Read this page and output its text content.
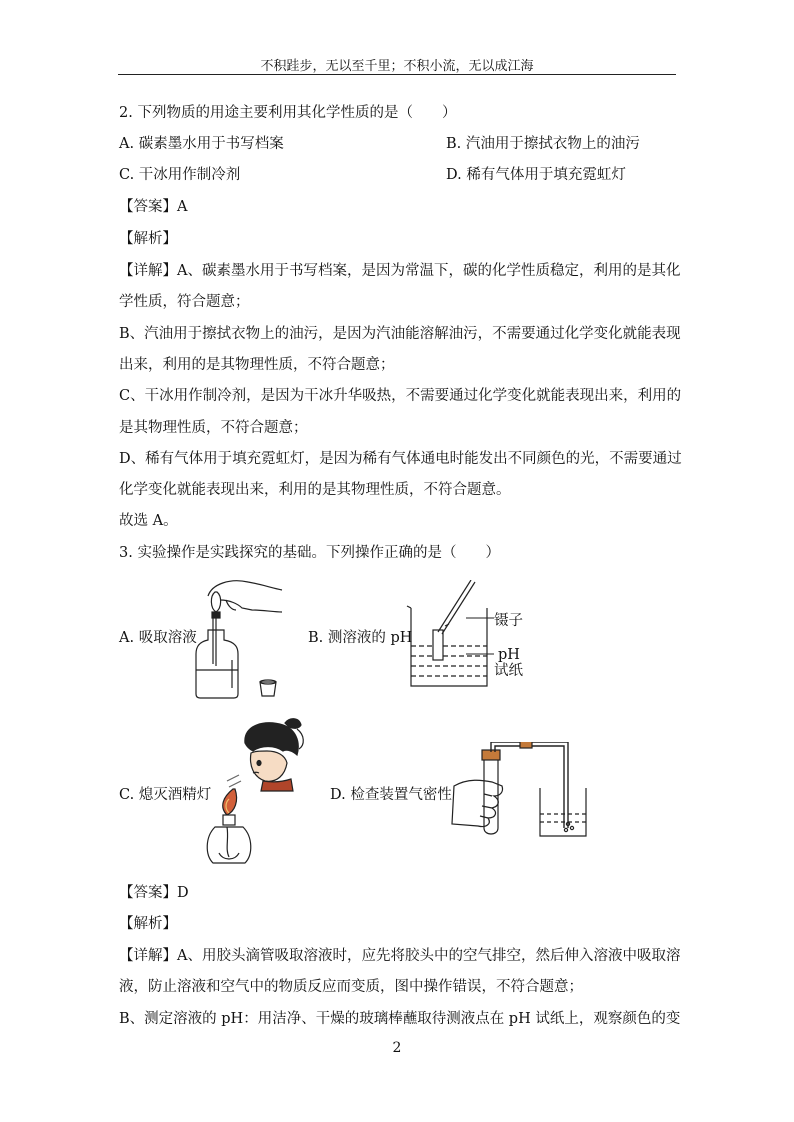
不积跬步，无以至千里；不积小流，无以成江海
2. 下列物质的用途主要利用其化学性质的是（　　）
A. 碳素墨水用于书写档案	B. 汽油用于擦拭衣物上的油污
C. 干冰用作制冷剂	D. 稀有气体用于填充霓虹灯
【答案】A
【解析】
【详解】A、碳素墨水用于书写档案，是因为常温下，碳的化学性质稳定，利用的是其化
学性质，符合题意；
B、汽油用于擦拭衣物上的油污，是因为汽油能溶解油污，不需要通过化学变化就能表现
出来，利用的是其物理性质，不符合题意；
C、干冰用作制冷剂，是因为干冰升华吸热，不需要通过化学变化就能表现出来，利用的
是其物理性质，不符合题意；
D、稀有气体用于填充霓虹灯，是因为稀有气体通电时能发出不同颜色的光，不需要通过
化学变化就能表现出来，利用的是其物理性质，不符合题意。
故选 A。
3. 实验操作是实践探究的基础。下列操作正确的是（　　）
A. 吸取溶液	B. 测溶液的 pH
镊子
pH
试纸
C. 熄灭酒精灯	D. 检查装置气密性
【答案】D
【解析】
【详解】A、用胶头滴管吸取溶液时，应先将胶头中的空气排空，然后伸入溶液中吸取溶
液，防止溶液和空气中的物质反应而变质，图中操作错误，不符合题意；
B、测定溶液的 pH：用洁净、干燥的玻璃棒蘸取待测液点在 pH 试纸上，观察颜色的变
2
